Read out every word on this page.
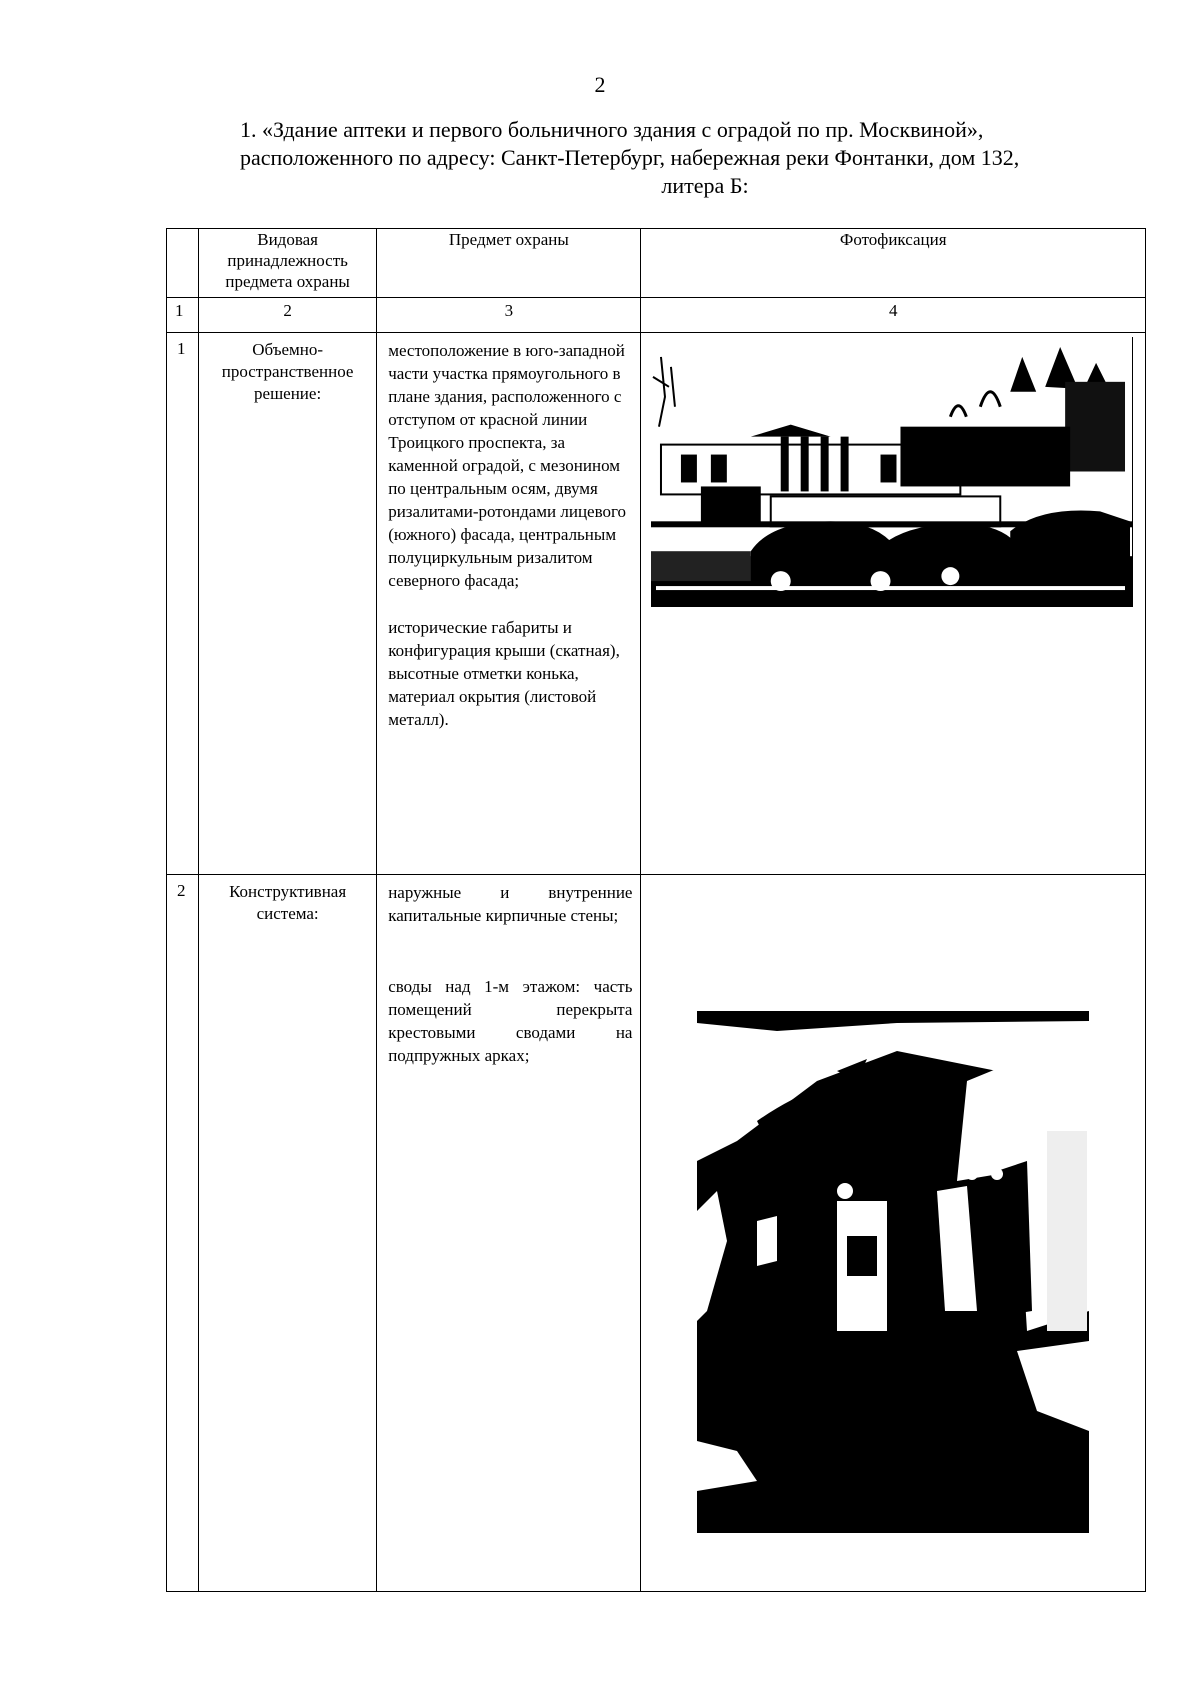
2
1. «Здание аптеки и первого больничного здания с оградой по пр. Москвиной»,
расположенного по адресу: Санкт-Петербург, набережная реки Фонтанки, дом 132,
литера Б:
	Видовая принадлежность предмета охраны	Предмет охраны	Фотофиксация
1	2	3	4
1	Объемно-пространственное решение:	местоположение в юго-западной части участка прямоугольного в плане здания, расположенного с отступом от красной линии Троицкого проспекта, за каменной оградой, с мезонином по центральным осям, двумя ризалитами-ротондами лицевого (южного) фасада, центральным полуциркульным ризалитом северного фасада;

исторические габариты и конфигурация крыши (скатная), высотные отметки конька, материал окрытия (листовой металл).

2	Конструктивная система:	наружные и внутренние капитальные кирпичные стены;

своды над 1-м этажом: часть помещений перекрыта крестовыми сводами на подпружных арках;
